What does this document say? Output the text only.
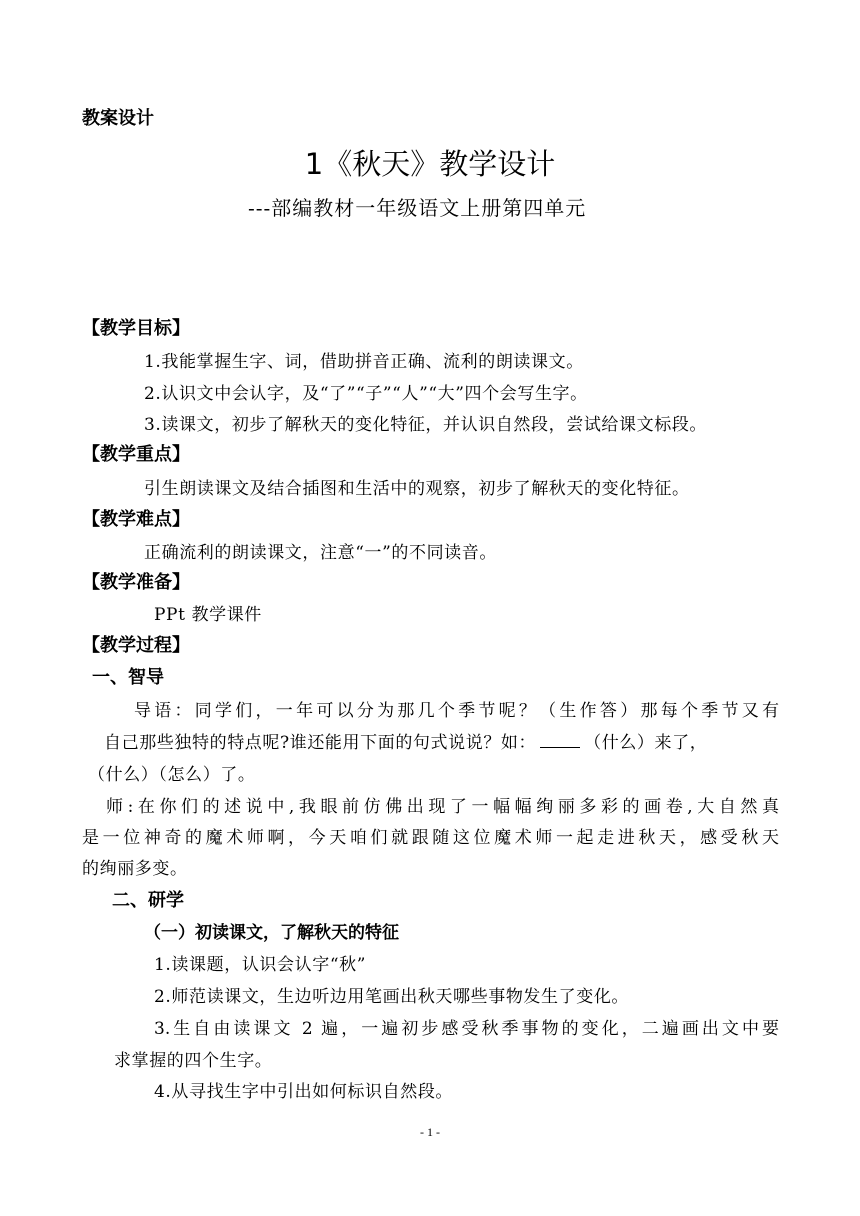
教案设计
1《秋天》教学设计
---部编教材一年级语文上册第四单元
【教学目标】
1.我能掌握生字、词，借助拼音正确、流利的朗读课文。
2.认识文中会认字，及“了”“子”“人”“大”四个会写生字。
3.读课文，初步了解秋天的变化特征，并认识自然段，尝试给课文标段。
【教学重点】
引生朗读课文及结合插图和生活中的观察，初步了解秋天的变化特征。
【教学难点】
正确流利的朗读课文，注意“一”的不同读音。
【教学准备】
PPt 教学课件
【教学过程】
一、智导
导语：同学们，一年可以分为那几个季节呢？（生作答）那每个季节又有
自己那些独特的特点呢?谁还能用下面的句式说说？如：	（什么）来了，
（什么）（怎么）了。
师:在你们的述说中,我眼前仿佛出现了一幅幅绚丽多彩的画卷,大自然真
是一位神奇的魔术师啊，今天咱们就跟随这位魔术师一起走进秋天，感受秋天
的绚丽多变。
二、研学
（一）初读课文，了解秋天的特征
1.读课题，认识会认字“秋”
2.师范读课文，生边听边用笔画出秋天哪些事物发生了变化。
3.生自由读课文 2 遍，一遍初步感受秋季事物的变化，二遍画出文中要
求掌握的四个生字。
4.从寻找生字中引出如何标识自然段。
- 1 -
